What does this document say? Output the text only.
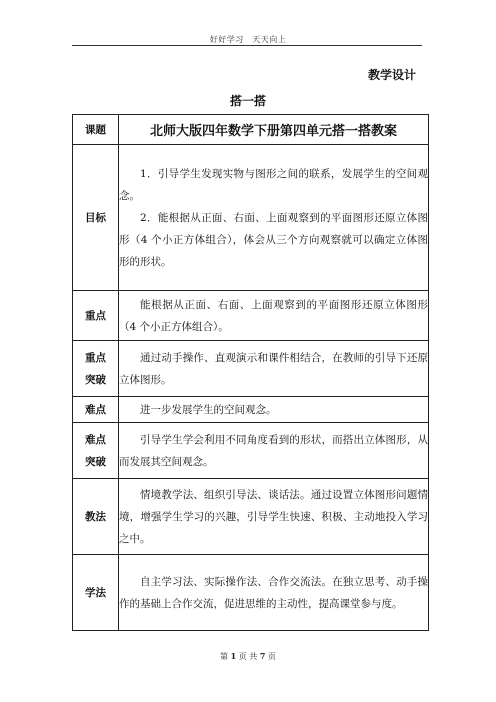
好好学习　天天向上
教学设计
搭一搭
课题	北师大版四年数学下册第四单元搭一搭教案
目标	1．引导学生发现实物与图形之间的联系，发展学生的空间观念。

2．能根据从正面、右面、上面观察到的平面图形还原立体图形（4 个小正方体组合），体会从三个方向观察就可以确定立体图形的形状。

重点	能根据从正面、右面、上面观察到的平面图形还原立体图形（4 个小正方体组合）。

重点
突破	通过动手操作、直观演示和课件相结合，在教师的引导下还原立体图形。

难点	进一步发展学生的空间观念。

难点
突破	引导学生学会利用不同角度看到的形状，而搭出立体图形，从而发展其空间观念。

教法	情境教学法、组织引导法、谈话法。通过设置立体图形问题情境，增强学生学习的兴趣，引导学生快速、积极、主动地投入学习之中。

学法	自主学习法、实际操作法、合作交流法。在独立思考、动手操作的基础上合作交流，促进思维的主动性，提高课堂参与度。

第 1 页 共 7 页
